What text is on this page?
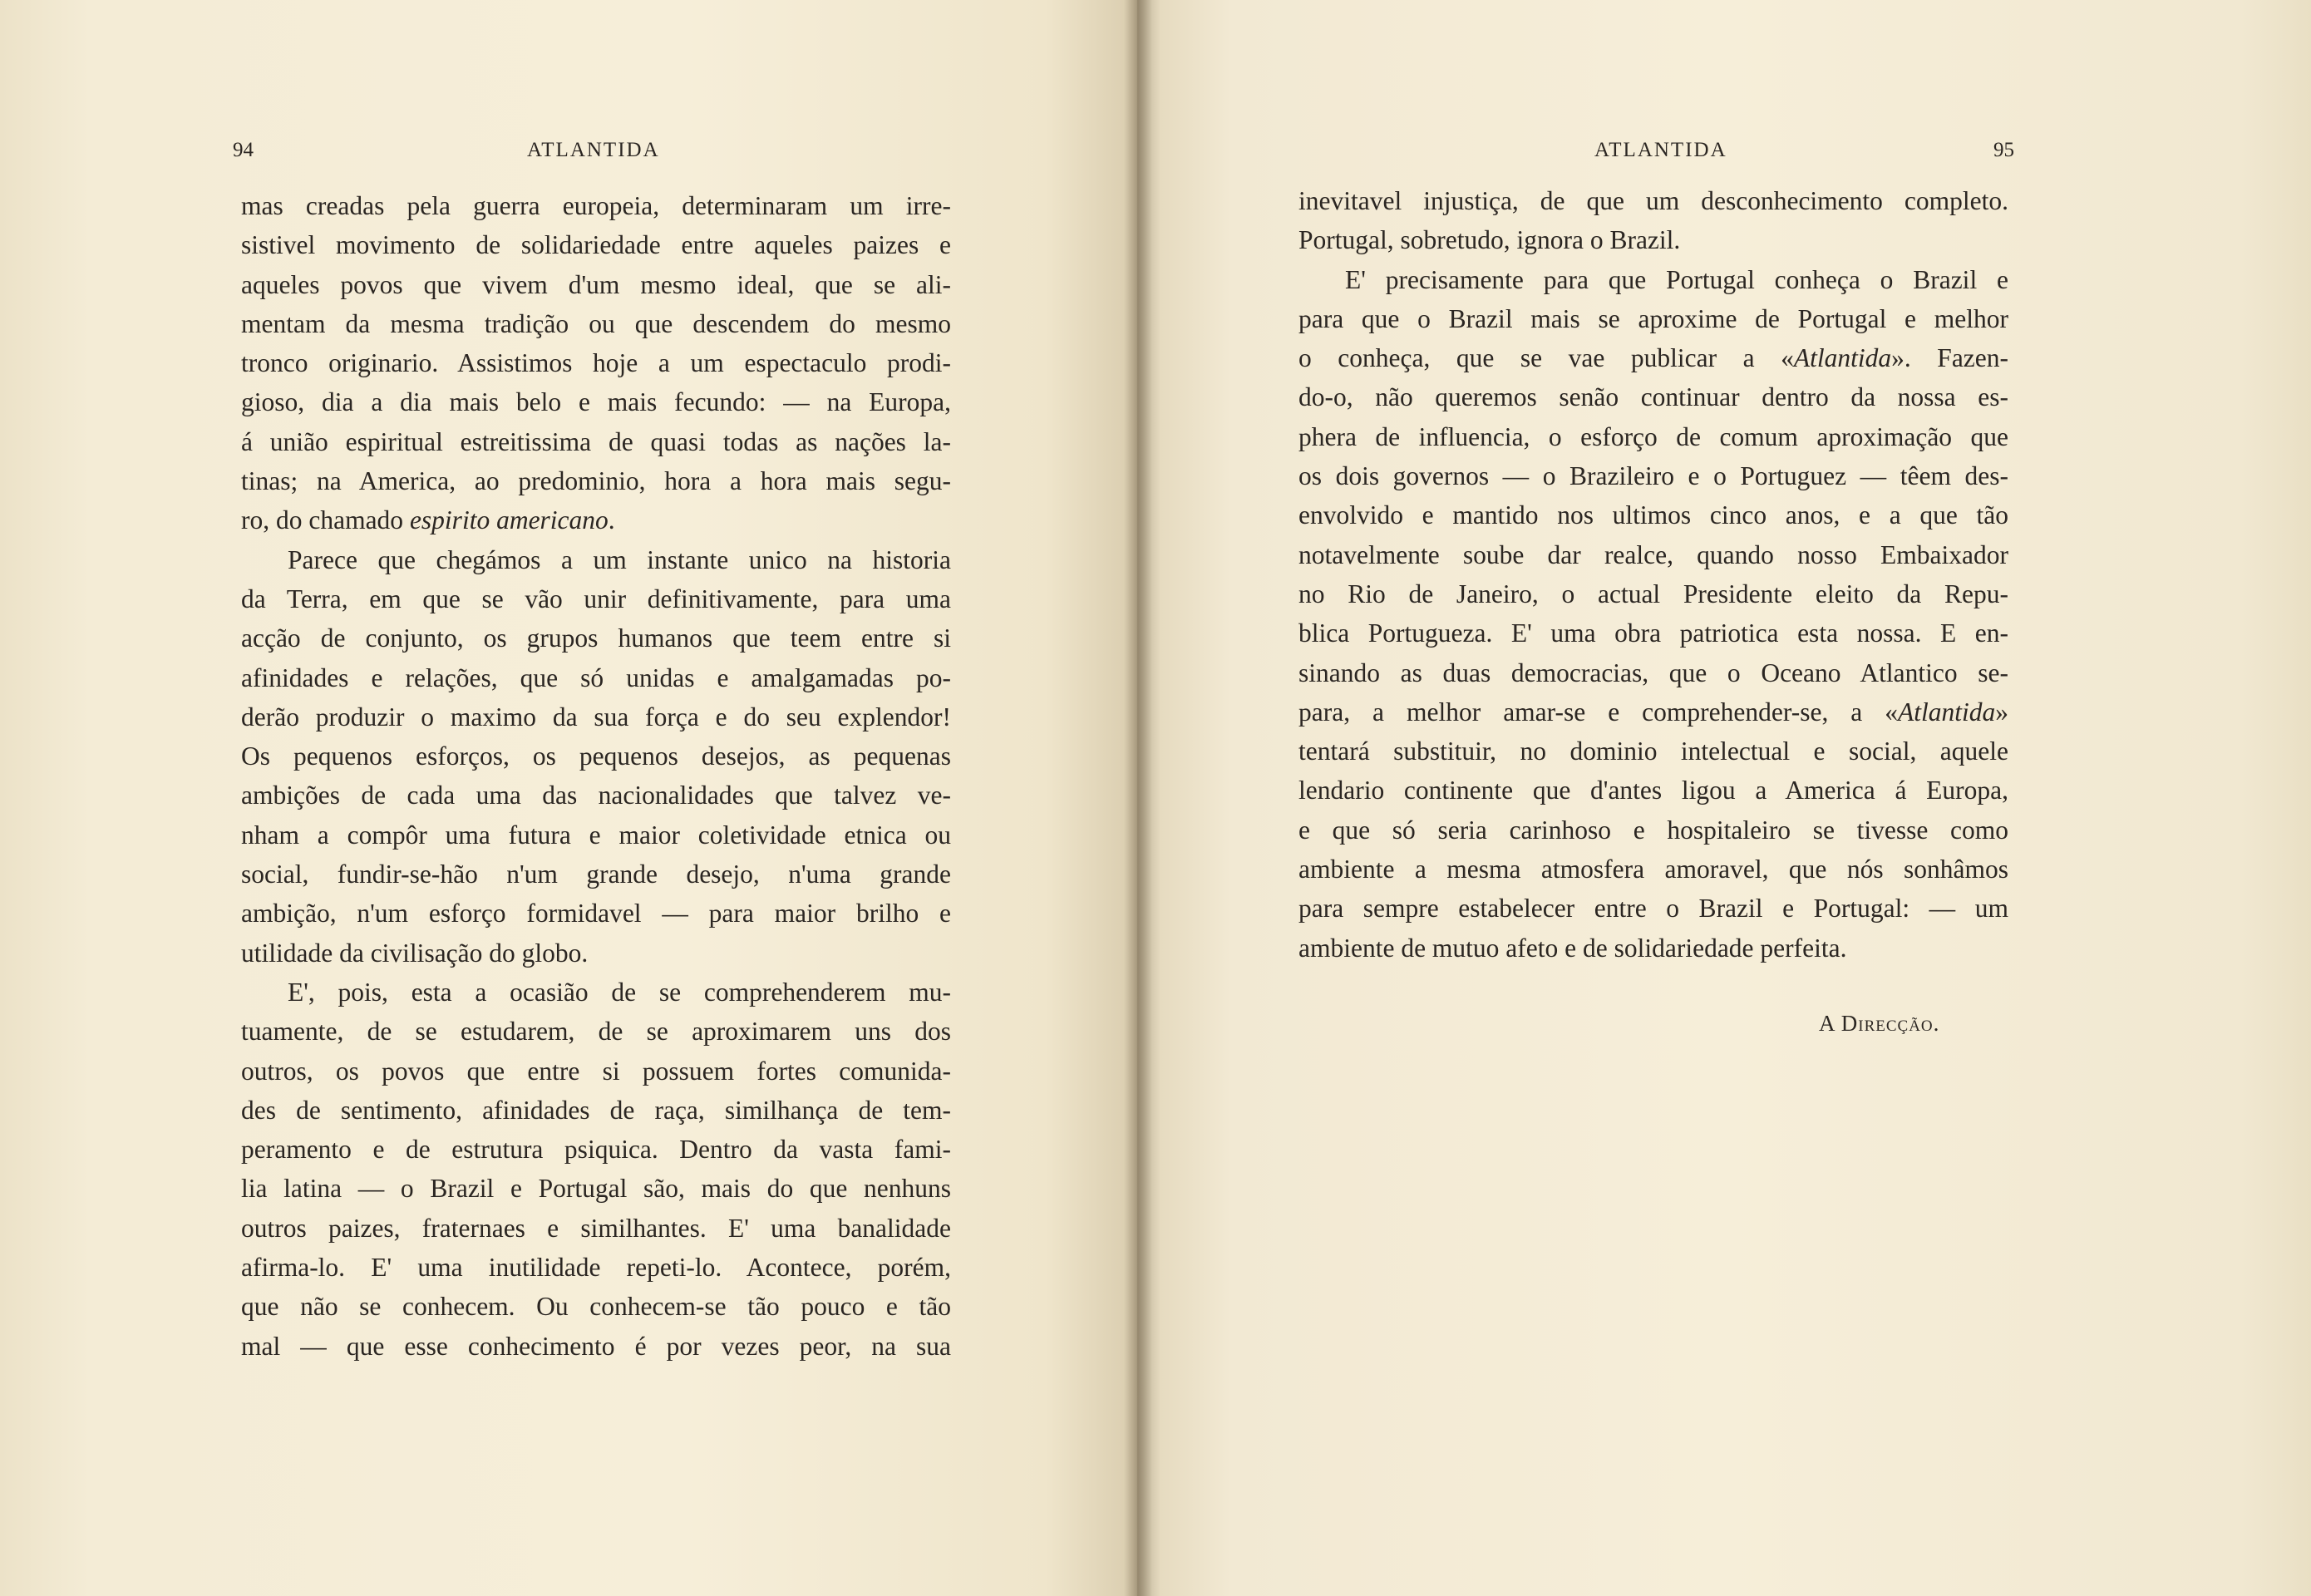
94	ATLANTIDA
mas creadas pela guerra europeia, determinaram um irre-
sistivel movimento de solidariedade entre aqueles paizes e
aqueles povos que vivem d'um mesmo ideal, que se ali-
mentam da mesma tradição ou que descendem do mesmo
tronco originario. Assistimos hoje a um espectaculo prodi-
gioso, dia a dia mais belo e mais fecundo: — na Europa,
á união espiritual estreitissima de quasi todas as nações la-
tinas; na America, ao predominio, hora a hora mais segu-
ro, do chamado espirito americano.
Parece que chegámos a um instante unico na historia
da Terra, em que se vão unir definitivamente, para uma
acção de conjunto, os grupos humanos que teem entre si
afinidades e relações, que só unidas e amalgamadas po-
derão produzir o maximo da sua força e do seu explendor!
Os pequenos esforços, os pequenos desejos, as pequenas
ambições de cada uma das nacionalidades que talvez ve-
nham a compôr uma futura e maior coletividade etnica ou
social, fundir-se-hão n'um grande desejo, n'uma grande
ambição, n'um esforço formidavel — para maior brilho e
utilidade da civilisação do globo.
E', pois, esta a ocasião de se comprehenderem mu-
tuamente, de se estudarem, de se aproximarem uns dos
outros, os povos que entre si possuem fortes comunida-
des de sentimento, afinidades de raça, similhança de tem-
peramento e de estrutura psiquica. Dentro da vasta fami-
lia latina — o Brazil e Portugal são, mais do que nenhuns
outros paizes, fraternaes e similhantes. E' uma banalidade
afirma-lo. E' uma inutilidade repeti-lo. Acontece, porém,
que não se conhecem. Ou conhecem-se tão pouco e tão
mal — que esse conhecimento é por vezes peor, na sua
ATLANTIDA	95
inevitavel injustiça, de que um desconhecimento completo.
Portugal, sobretudo, ignora o Brazil.
E' precisamente para que Portugal conheça o Brazil e
para que o Brazil mais se aproxime de Portugal e melhor
o conheça, que se vae publicar a «Atlantida». Fazen-
do-o, não queremos senão continuar dentro da nossa es-
phera de influencia, o esforço de comum aproximação que
os dois governos — o Brazileiro e o Portuguez — têem des-
envolvido e mantido nos ultimos cinco anos, e a que tão
notavelmente soube dar realce, quando nosso Embaixador
no Rio de Janeiro, o actual Presidente eleito da Repu-
blica Portugueza. E' uma obra patriotica esta nossa. E en-
sinando as duas democracias, que o Oceano Atlantico se-
para, a melhor amar-se e comprehender-se, a «Atlantida»
tentará substituir, no dominio intelectual e social, aquele
lendario continente que d'antes ligou a America á Europa,
e que só seria carinhoso e hospitaleiro se tivesse como
ambiente a mesma atmosfera amoravel, que nós sonhâmos
para sempre estabelecer entre o Brazil e Portugal: — um
ambiente de mutuo afeto e de solidariedade perfeita.
A Direcção.
